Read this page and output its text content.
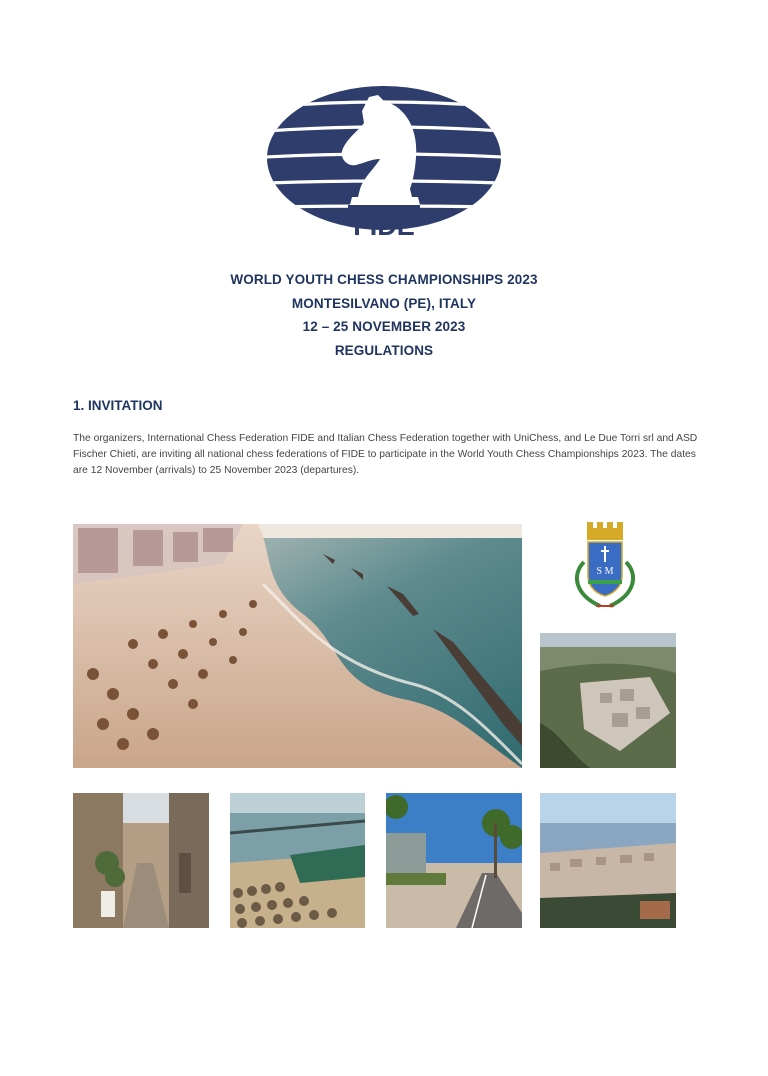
FIDE
WORLD YOUTH CHESS CHAMPIONSHIPS 2023
MONTESILVANO (PE), ITALY
12 – 25 NOVEMBER 2023
REGULATIONS
1. INVITATION
The organizers, International Chess Federation FIDE and Italian Chess Federation together with UniChess, and Le Due Torri srl and ASD Fischer Chieti, are inviting all national chess federations of FIDE to participate in the World Youth Chess Championships 2023. The dates are 12 November (arrivals) to 25 November 2023 (departures).
S M
